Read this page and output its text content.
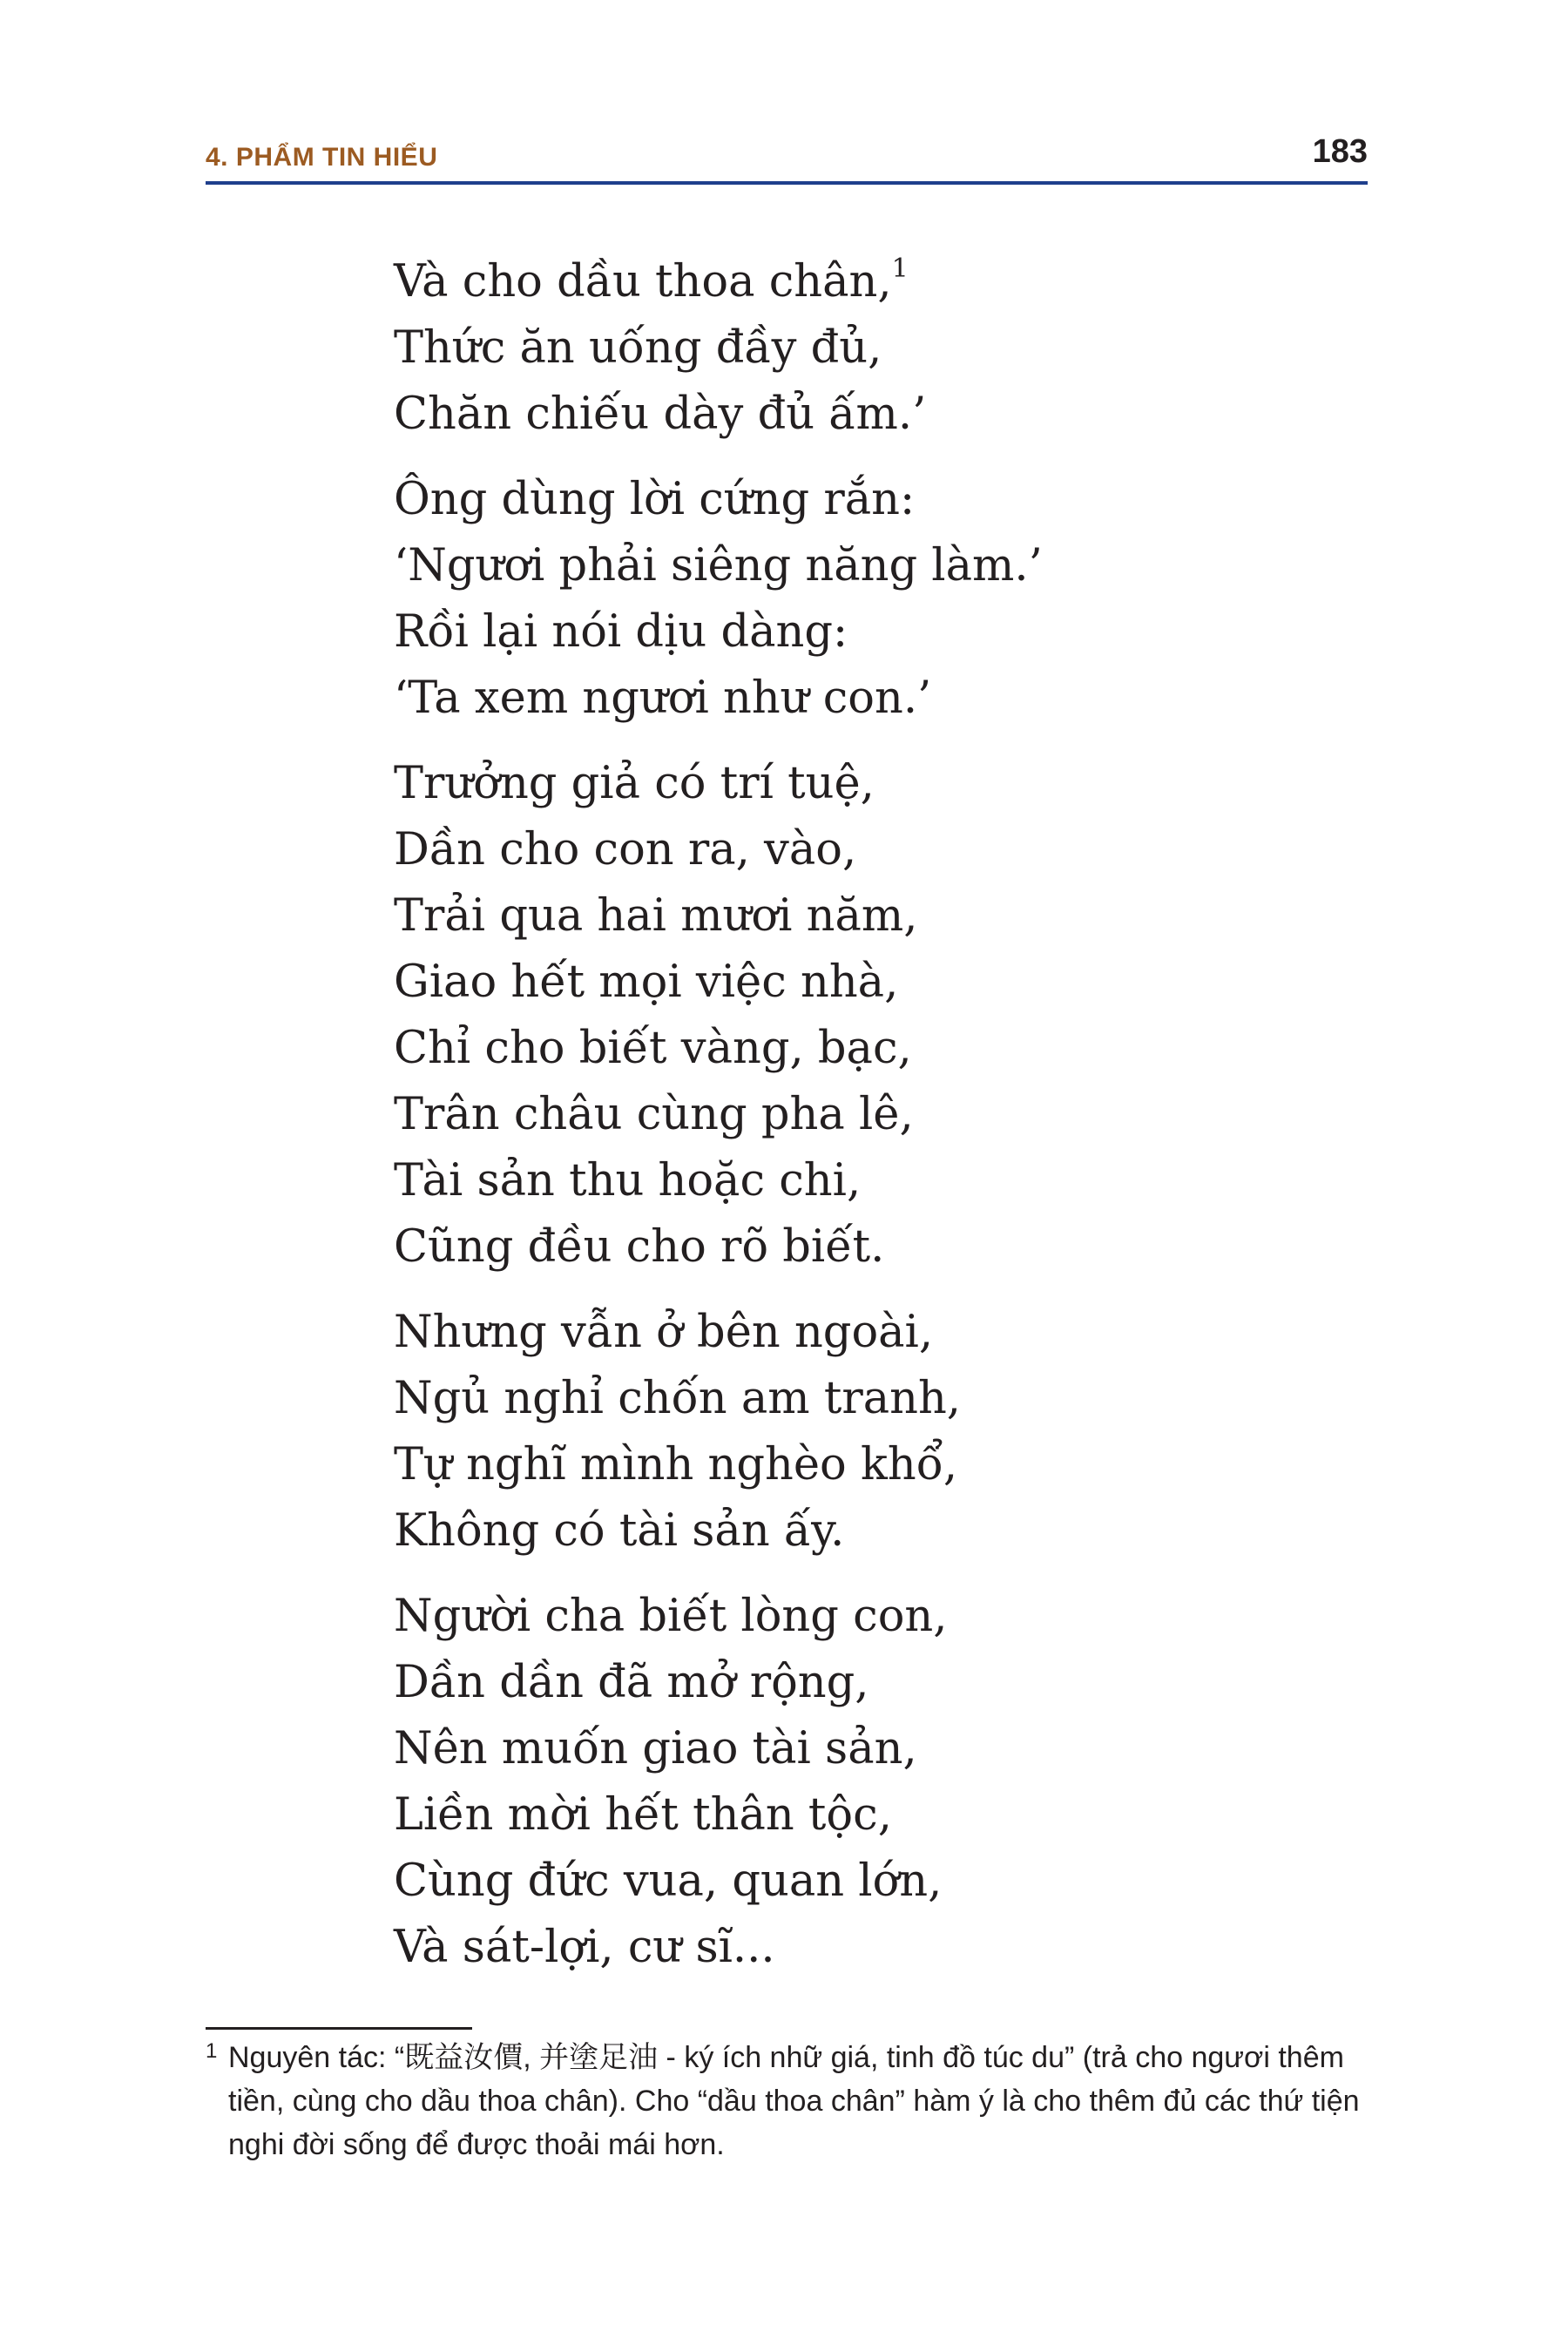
4. PHẨM TIN HIỂU	183
Và cho dầu thoa chân,$^1$
Thức ăn uống đầy đủ,
Chăn chiếu dày đủ ấm.’
Ông dùng lời cứng rắn:
‘Ngươi phải siêng năng làm.’
Rồi lại nói dịu dàng:
‘Ta xem ngươi như con.’
Trưởng giả có trí tuệ,
Dần cho con ra, vào,
Trải qua hai mươi năm,
Giao hết mọi việc nhà,
Chỉ cho biết vàng, bạc,
Trân châu cùng pha lê,
Tài sản thu hoặc chi,
Cũng đều cho rõ biết.
Nhưng vẫn ở bên ngoài,
Ngủ nghỉ chốn am tranh,
Tự nghĩ mình nghèo khổ,
Không có tài sản ấy.
Người cha biết lòng con,
Dần dần đã mở rộng,
Nên muốn giao tài sản,
Liền mời hết thân tộc,
Cùng đức vua, quan lớn,
Và sát-lợi, cư sĩ...
1 Nguyên tác: “既益汝價, 并塗足油 - ký ích nhữ giá, tinh đồ túc du” (trả cho ngươi thêm tiền, cùng cho dầu thoa chân). Cho “dầu thoa chân” hàm ý là cho thêm đủ các thứ tiện nghi đời sống để được thoải mái hơn.
